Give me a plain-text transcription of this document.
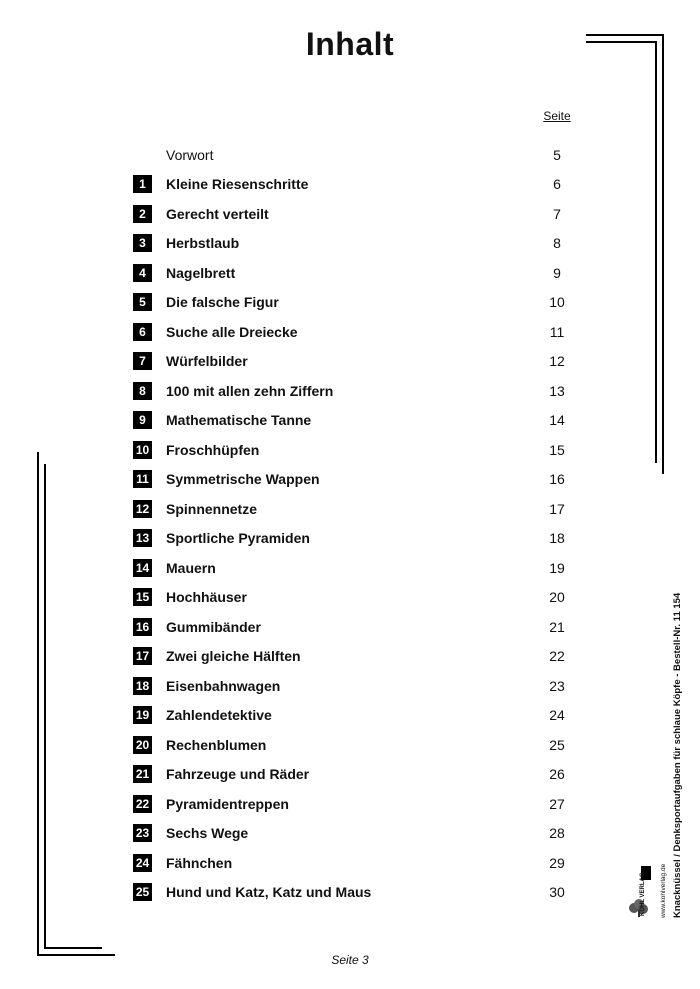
Inhalt
Seite
Vorwort	5
1	Kleine Riesenschritte	6
2	Gerecht verteilt	7
3	Herbstlaub	8
4	Nagelbrett	9
5	Die falsche Figur	10
6	Suche alle Dreiecke	11
7	Würfelbilder	12
8	100 mit allen zehn Ziffern	13
9	Mathematische Tanne	14
10 Froschhüpfen	15
11 Symmetrische Wappen	16
12 Spinnennetze	17
13 Sportliche Pyramiden	18
14 Mauern	19
15 Hochhäuser	20
16 Gummibänder	21
17 Zwei gleiche Hälften	22
18 Eisenbahnwagen	23
19 Zahlendetektive	24
20 Rechenblumen	25
21 Fahrzeuge und Räder	26
22 Pyramidentreppen	27
23 Sechs Wege	28
24 Fähnchen	29
25 Hund und Katz, Katz und Maus	30
Seite 3
Knacknüssel / Denksportaufgaben für schlaue Köpfe - Bestell-Nr. 11 154
www.kohlverlag.de
KOHL VERLAG
